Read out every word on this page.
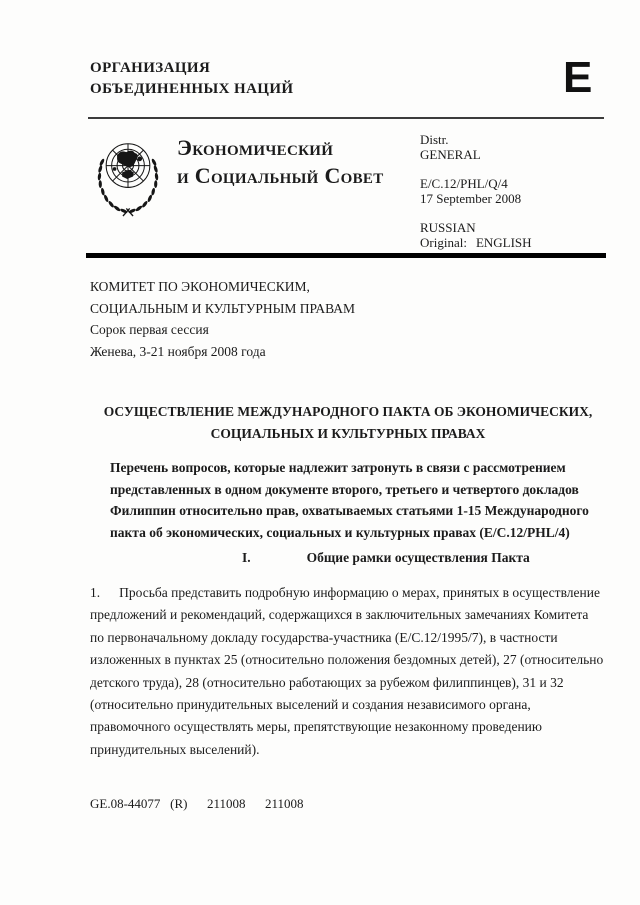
ОРГАНИЗАЦИЯ
ОБЪЕДИНЕННЫХ НАЦИЙ	E
Экономический
и Социальный Совет
Distr.
GENERAL
E/C.12/PHL/Q/4
17 September 2008
RUSSIAN
Original: ENGLISH
КОМИТЕТ ПО ЭКОНОМИЧЕСКИМ,
СОЦИАЛЬНЫМ И КУЛЬТУРНЫМ ПРАВАМ
Сорок первая сессия
Женева, 3-21 ноября 2008 года
ОСУЩЕСТВЛЕНИЕ МЕЖДУНАРОДНОГО ПАКТА ОБ ЭКОНОМИЧЕСКИХ,
СОЦИАЛЬНЫХ И КУЛЬТУРНЫХ ПРАВАХ

Перечень вопросов, которые надлежит затронуть в связи с рассмотрением представленных в одном документе второго, третьего и четвертого докладов Филиппин относительно прав, охватываемых статьями 1-15 Международного пакта об экономических, социальных и культурных правах (E/C.12/PHL/4)

I.	Общие рамки осуществления Пакта

1. Просьба представить подробную информацию о мерах, принятых в осуществление предложений и рекомендаций, содержащихся в заключительных замечаниях Комитета по первоначальному докладу государства-участника (E/C.12/1995/7), в частности изложенных в пунктах 25 (относительно положения бездомных детей), 27 (относительно детского труда), 28 (относительно работающих за рубежом филиппинцев), 31 и 32 (относительно принудительных выселений и создания независимого органа, правомочного осуществлять меры, препятствующие незаконному проведению принудительных выселений).

GE.08-44077   (R)      211008      211008
